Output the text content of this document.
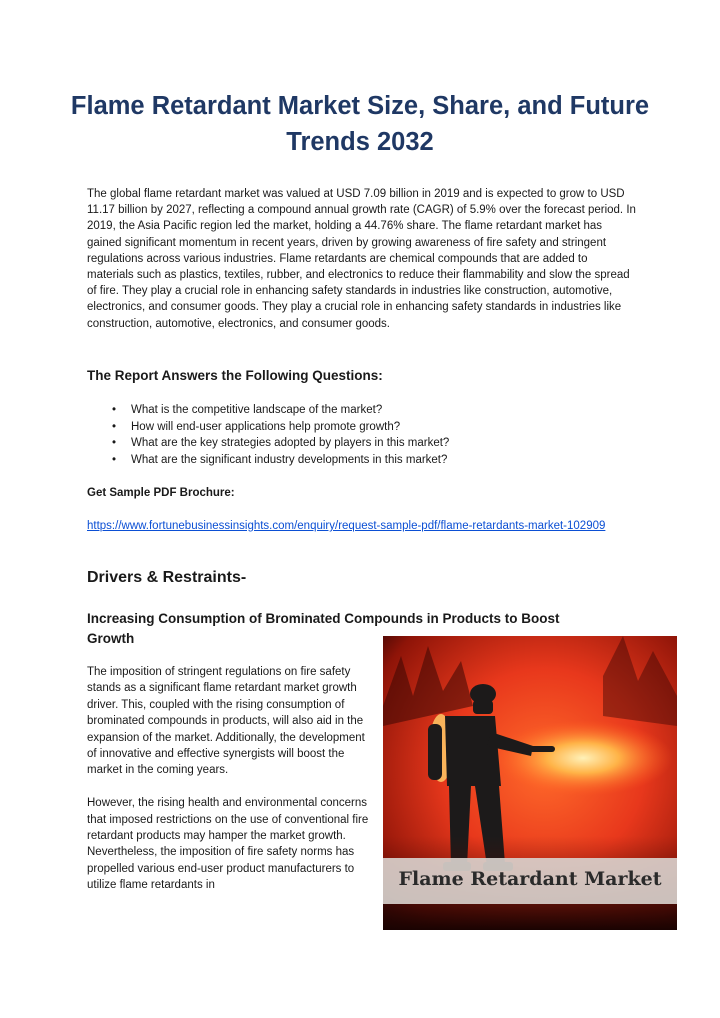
Flame Retardant Market Size, Share, and Future Trends 2032
The global flame retardant market was valued at USD 7.09 billion in 2019 and is expected to grow to USD 11.17 billion by 2027, reflecting a compound annual growth rate (CAGR) of 5.9% over the forecast period. In 2019, the Asia Pacific region led the market, holding a 44.76% share. The flame retardant market has gained significant momentum in recent years, driven by growing awareness of fire safety and stringent regulations across various industries. Flame retardants are chemical compounds that are added to materials such as plastics, textiles, rubber, and electronics to reduce their flammability and slow the spread of fire. They play a crucial role in enhancing safety standards in industries like construction, automotive, electronics, and consumer goods. They play a crucial role in enhancing safety standards in industries like construction, automotive, electronics, and consumer goods.
The Report Answers the Following Questions:
• What is the competitive landscape of the market?
• How will end-user applications help promote growth?
• What are the key strategies adopted by players in this market?
• What are the significant industry developments in this market?
Get Sample PDF Brochure:
https://www.fortunebusinessinsights.com/enquiry/request-sample-pdf/flame-retardants-market-102909
Drivers & Restraints-
Increasing Consumption of Brominated Compounds in Products to Boost Growth

The imposition of stringent regulations on fire safety stands as a significant flame retardant market growth driver. This, coupled with the rising consumption of brominated compounds in products, will also aid in the expansion of the market. Additionally, the development of innovative and effective synergists will boost the market in the coming years.

However, the rising health and environmental concerns that imposed restrictions on the use of conventional fire retardant products may hamper the market growth. Nevertheless, the imposition of fire safety norms has propelled various end-user product manufacturers to utilize flame retardants in	Flame Retardant Market
